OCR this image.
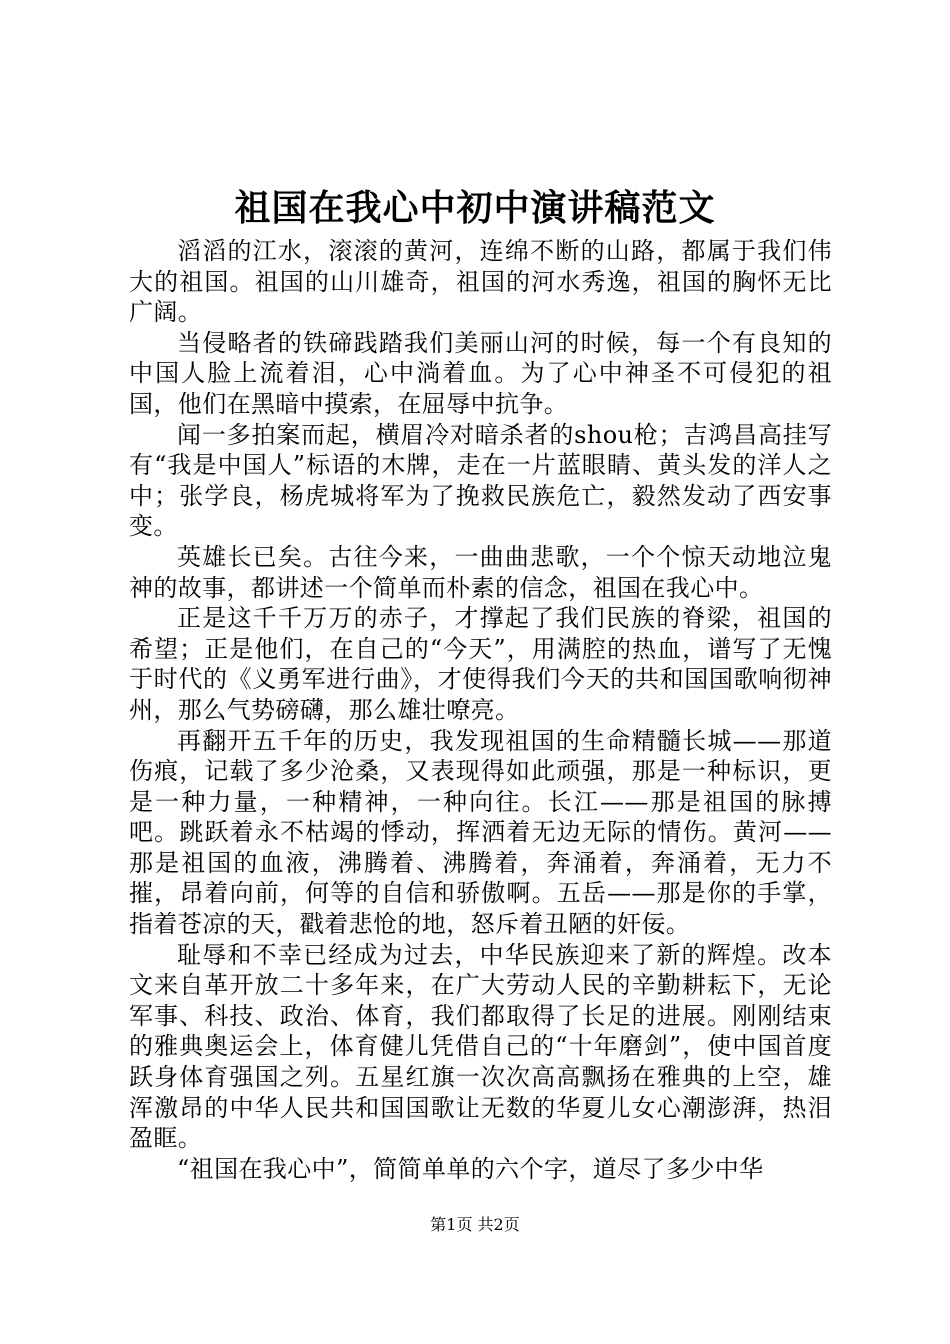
祖国在我心中初中演讲稿范文

滔滔的江水，滚滚的黄河，连绵不断的山路，都属于我们伟大的祖国。祖国的山川雄奇，祖国的河水秀逸，祖国的胸怀无比广阔。

当侵略者的铁碲践踏我们美丽山河的时候，每一个有良知的中国人脸上流着泪，心中淌着血。为了心中神圣不可侵犯的祖国，他们在黑暗中摸索，在屈辱中抗争。

闻一多拍案而起，横眉冷对暗杀者的shou枪；吉鸿昌高挂写有“我是中国人”标语的木牌，走在一片蓝眼睛、黄头发的洋人之中；张学良，杨虎城将军为了挽救民族危亡，毅然发动了西安事变。

英雄长已矣。古往今来，一曲曲悲歌，一个个惊天动地泣鬼神的故事，都讲述一个简单而朴素的信念，祖国在我心中。

正是这千千万万的赤子，才撑起了我们民族的脊梁，祖国的希望；正是他们，在自己的“今天”，用满腔的热血，谱写了无愧于时代的《义勇军进行曲》，才使得我们今天的共和国国歌响彻神州，那么气势磅礴，那么雄壮嘹亮。

再翻开五千年的历史，我发现祖国的生命精髓长城——那道伤痕，记载了多少沧桑，又表现得如此顽强，那是一种标识，更是一种力量，一种精神，一种向往。长江——那是祖国的脉搏吧。跳跃着永不枯竭的悸动，挥洒着无边无际的情伤。黄河——那是祖国的血液，沸腾着、沸腾着，奔涌着，奔涌着，无力不摧，昂着向前，何等的自信和骄傲啊。五岳——那是你的手掌，指着苍凉的天，戳着悲怆的地，怒斥着丑陋的奸佞。

耻辱和不幸已经成为过去，中华民族迎来了新的辉煌。改本文来自革开放二十多年来，在广大劳动人民的辛勤耕耘下，无论军事、科技、政治、体育，我们都取得了长足的进展。刚刚结束的雅典奥运会上，体育健儿凭借自己的“十年磨剑”，使中国首度跃身体育强国之列。五星红旗一次次高高飘扬在雅典的上空，雄浑激昂的中华人民共和国国歌让无数的华夏儿女心潮澎湃，热泪盈眶。

“祖国在我心中”，简简单单的六个字，道尽了多少中华

第1页 共2页
